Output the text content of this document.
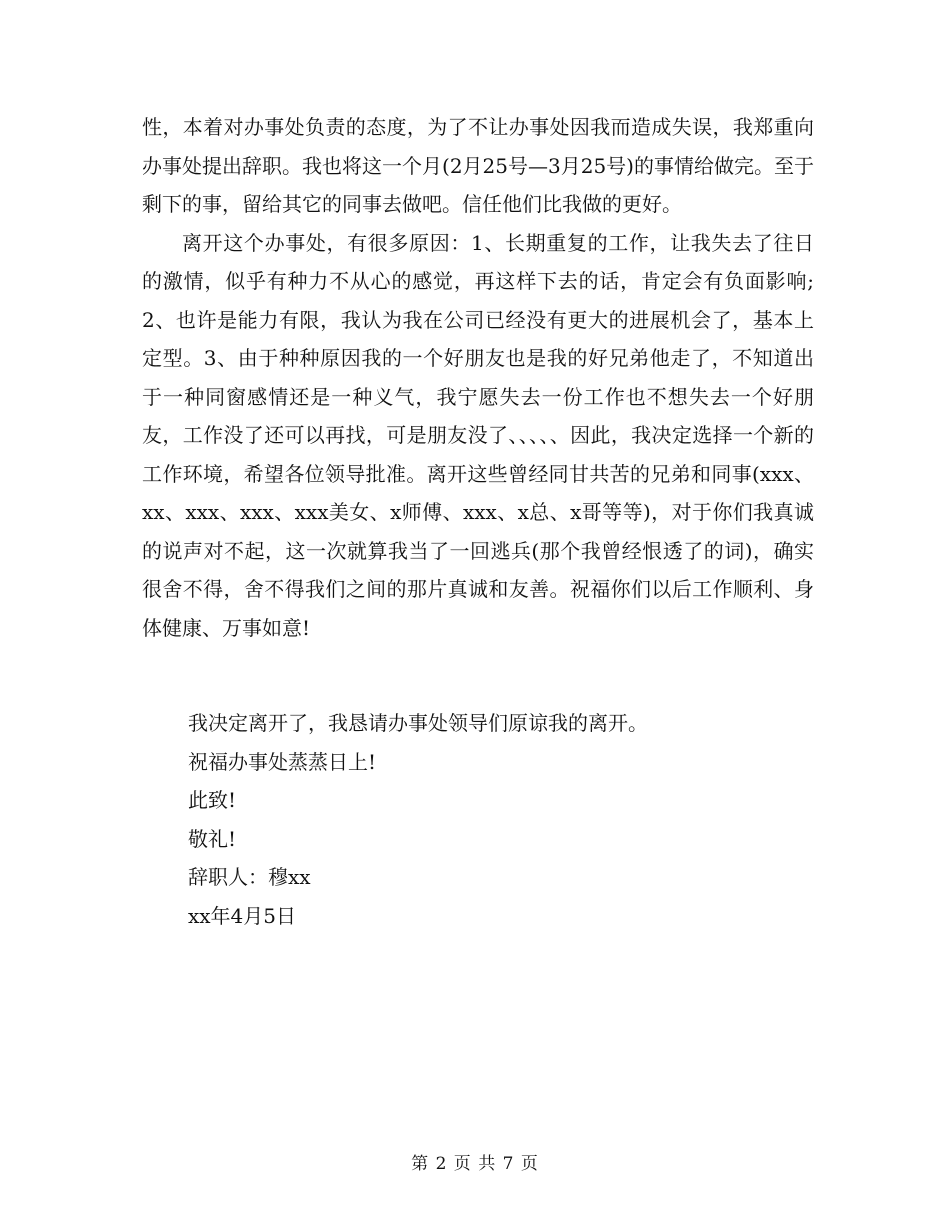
性，本着对办事处负责的态度，为了不让办事处因我而造成失误，我郑重向办事处提出辞职。我也将这一个月(2月25号—3月25号)的事情给做完。至于剩下的事，留给其它的同事去做吧。信任他们比我做的更好。

离开这个办事处，有很多原因：1、长期重复的工作，让我失去了往日的激情，似乎有种力不从心的感觉，再这样下去的话，肯定会有负面影响;2、也许是能力有限，我认为我在公司已经没有更大的进展机会了，基本上定型。3、由于种种原因我的一个好朋友也是我的好兄弟他走了，不知道出于一种同窗感情还是一种义气，我宁愿失去一份工作也不想失去一个好朋友，工作没了还可以再找，可是朋友没了、、、、、因此，我决定选择一个新的工作环境，希望各位领导批准。离开这些曾经同甘共苦的兄弟和同事(xxx、xx、xxx、xxx、xxx美女、x师傅、xxx、x总、x哥等等)，对于你们我真诚的说声对不起，这一次就算我当了一回逃兵(那个我曾经恨透了的词)，确实很舍不得，舍不得我们之间的那片真诚和友善。祝福你们以后工作顺利、身体健康、万事如意!

我决定离开了，我恳请办事处领导们原谅我的离开。

祝福办事处蒸蒸日上!

此致!

敬礼!

辞职人：穆xx

xx年4月5日

第 2 页 共 7 页
